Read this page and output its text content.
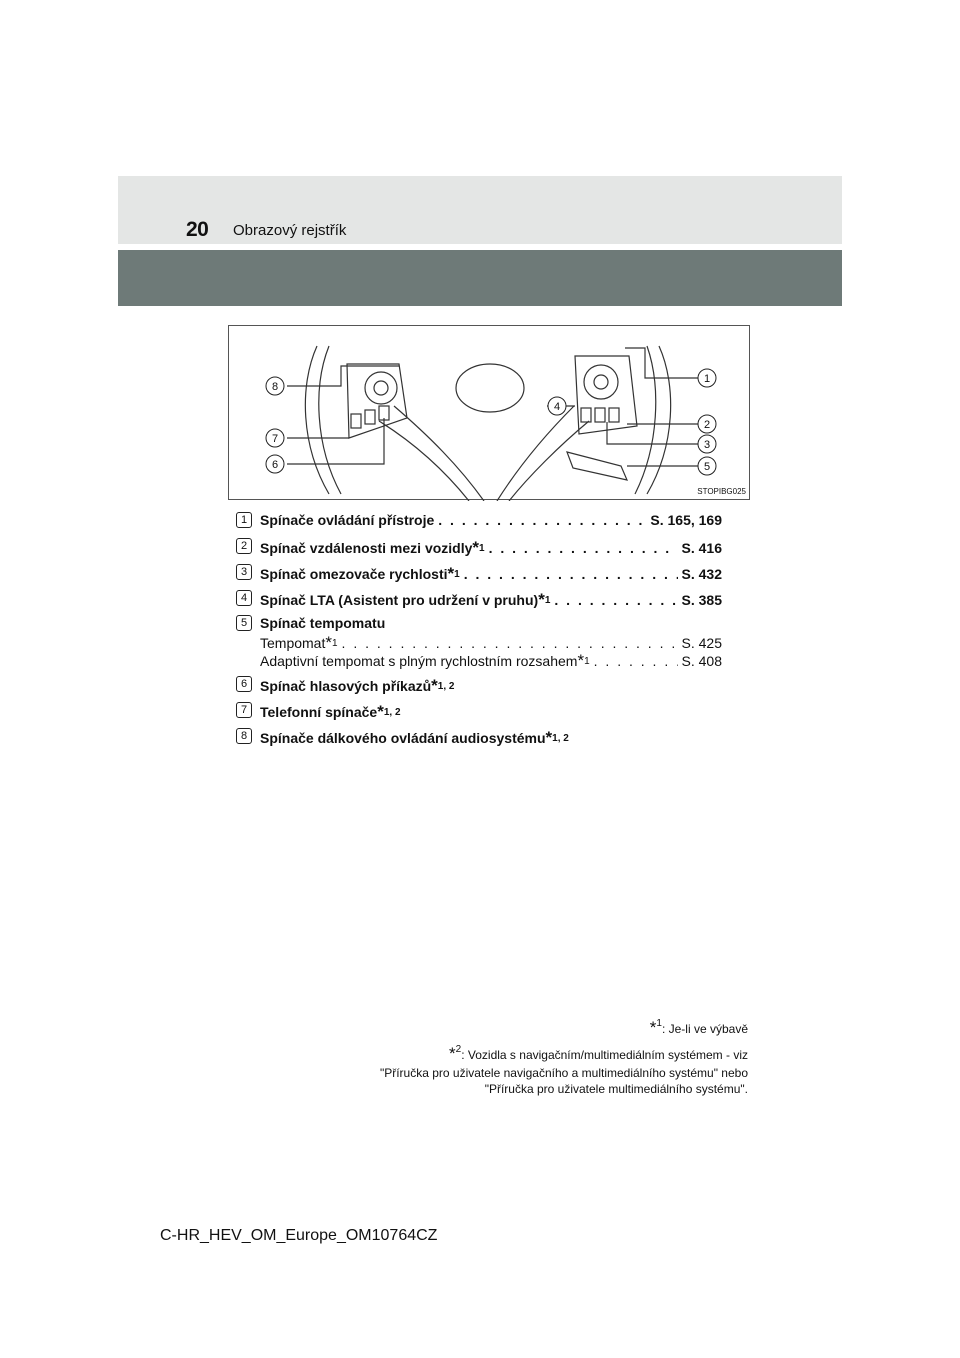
20 Obrazový rejstřík
8
7
6
4
1
2
3
5
STOPIBG025
1 Spínače ovládání přístroje . . .	S. 165, 169
2 Spínač vzdálenosti mezi vozidly *$^1$ . . .	S. 416
3 Spínač omezovače rychlosti *$^1$ . . .	S. 432
4 Spínač LTA (Asistent pro udržení v pruhu) *$^1$ . . .	S. 385
5 Spínač tempomatu
Tempomat *$^1$ . . .	S. 425
Adaptivní tempomat s plným rychlostním rozsahem *$^1$ . . .	S. 408
6 Spínač hlasových příkazů *$^{1, 2}$
7 Telefonní spínače *$^{1, 2}$
8 Spínače dálkového ovládání audiosystému *$^{1, 2}$
*$^1$: Je-li ve výbavě
*$^2$: Vozidla s navigačním/multimediálním systémem - viz
"Příručka pro uživatele navigačního a multimediálního systému" nebo
"Příručka pro uživatele multimediálního systému".
C-HR_HEV_OM_Europe_OM10764CZ
